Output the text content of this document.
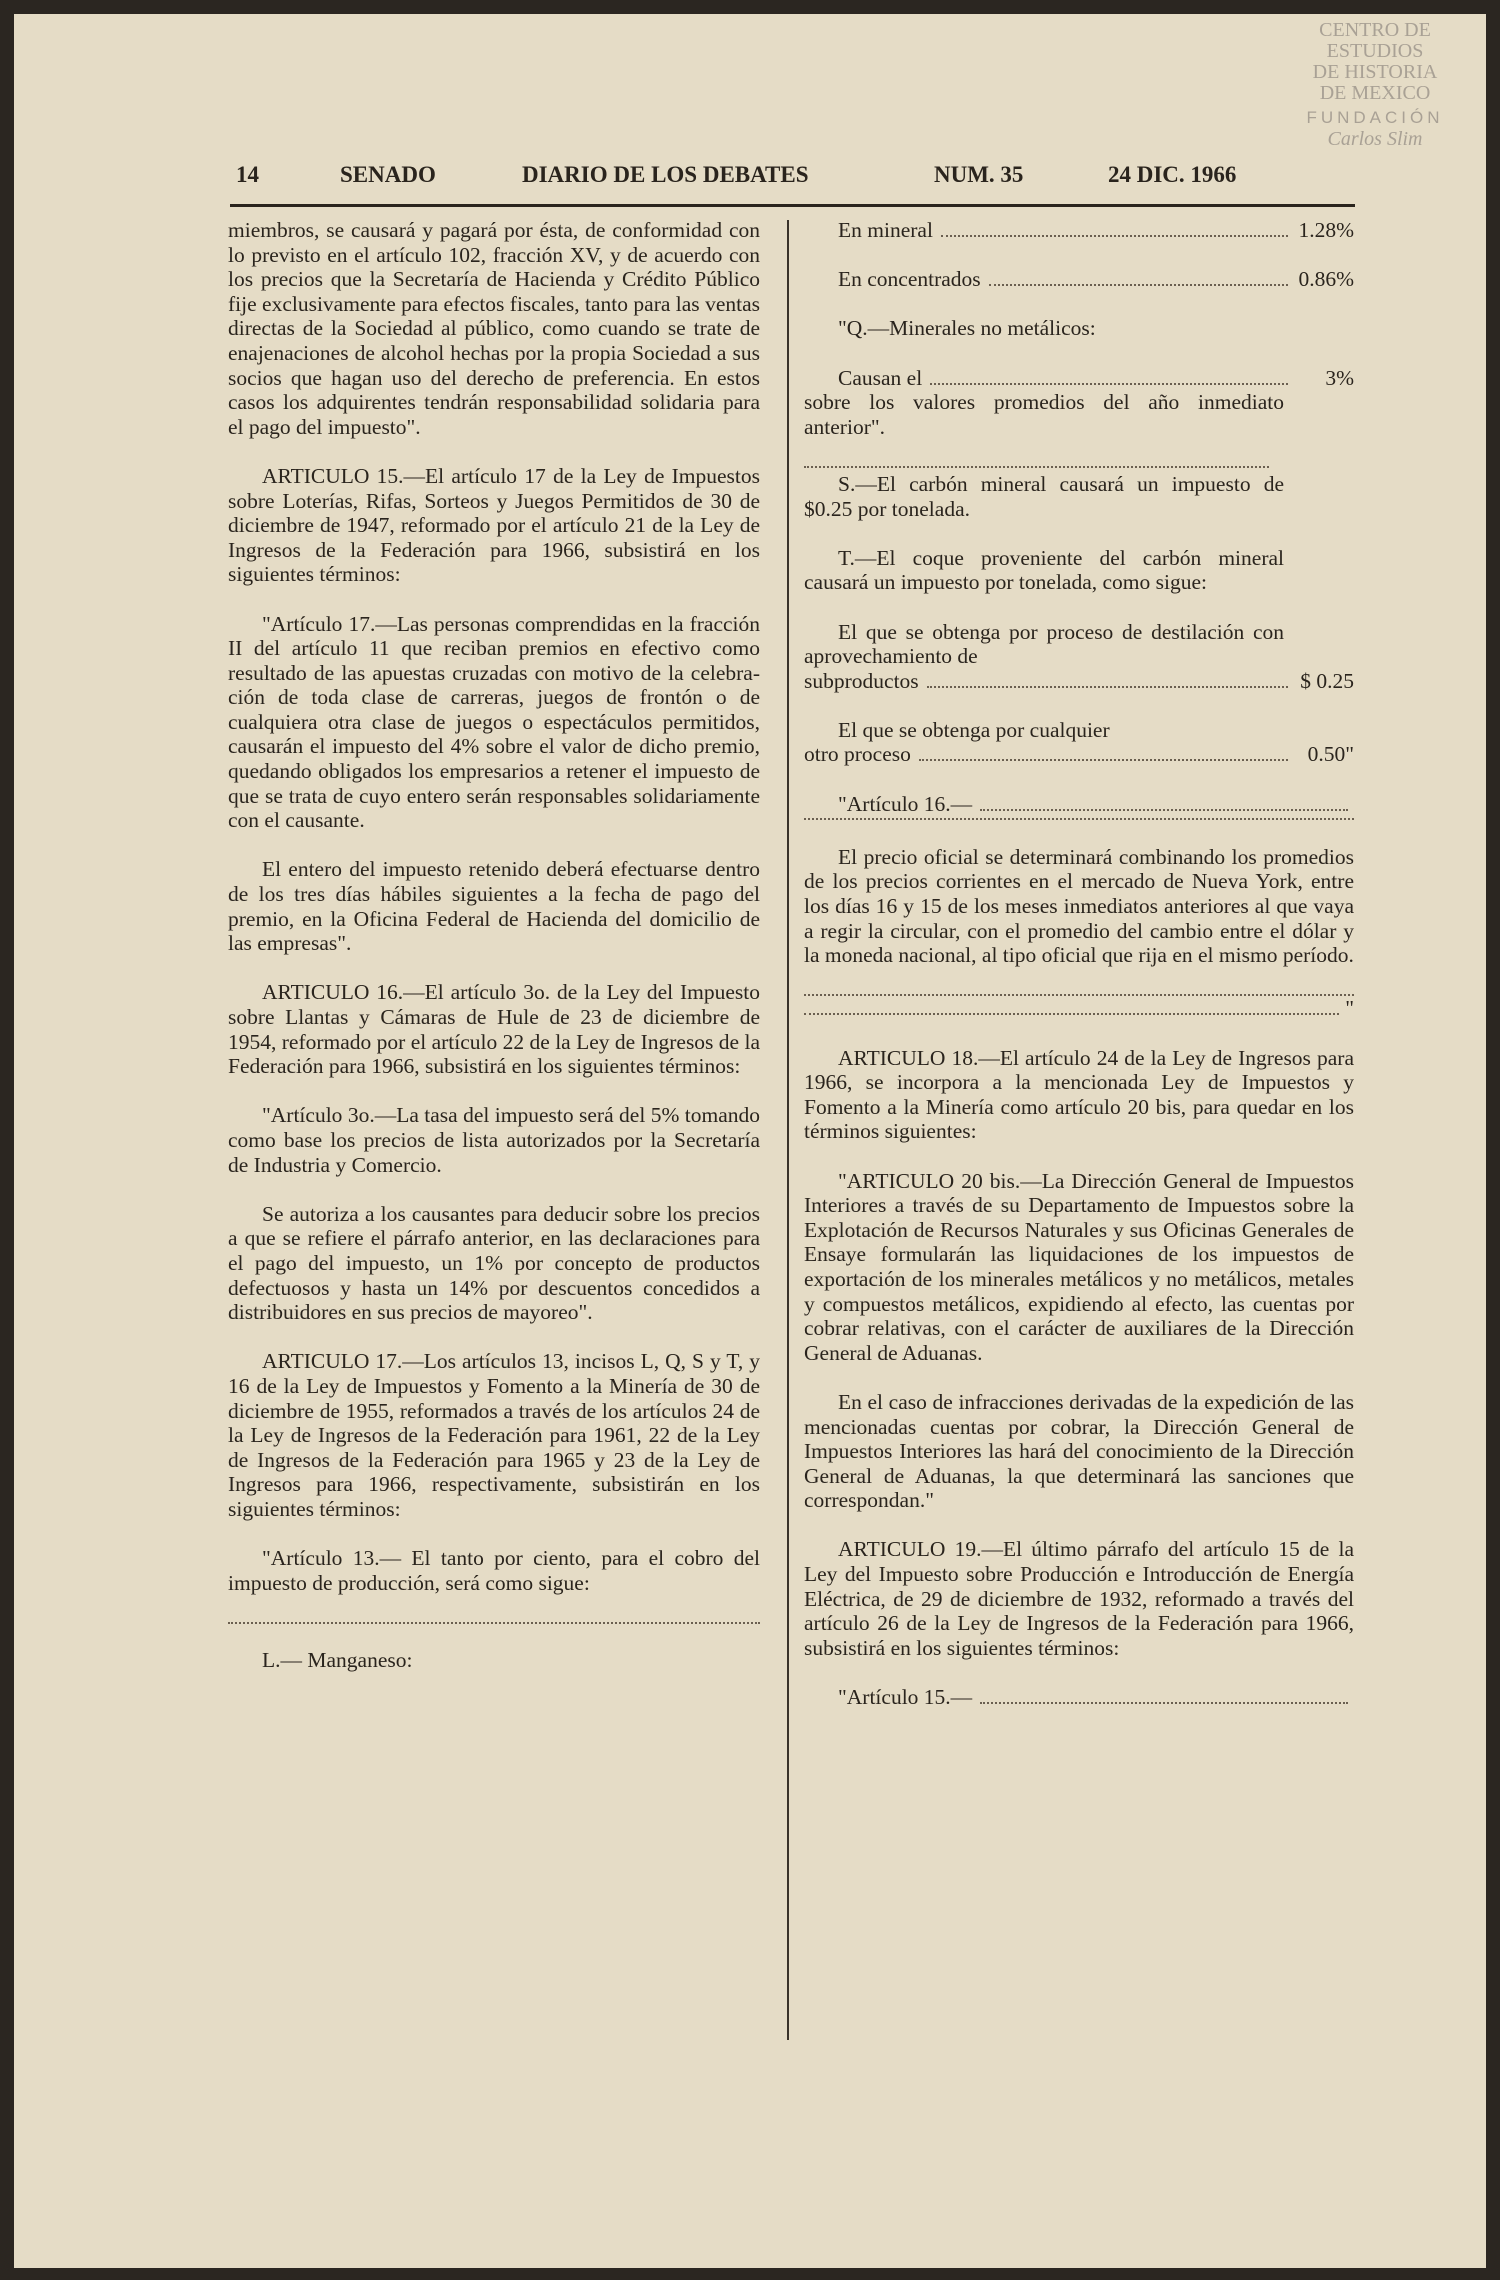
14	SENADO	DIARIO DE LOS DEBATES	NUM. 35	24 DIC. 1966

miembros, se causará y pagará por ésta, de conformidad con lo previsto en el artículo 102, fracción XV, y de acuerdo con los precios que la Secretaría de Hacienda y Crédito Público fije exclusivamente para efectos fiscales, tanto para las ventas directas de la Sociedad al público, como cuando se trate de enajenaciones de alcohol hechas por la propia Sociedad a sus socios que hagan uso del derecho de preferencia. En estos casos los adquirentes tendrán responsabilidad solidaria para el pago del impuesto".

ARTICULO 15.—El artículo 17 de la Ley de Impuestos sobre Loterías, Rifas, Sorteos y Juegos Permitidos de 30 de diciembre de 1947, reformado por el artículo 21 de la Ley de Ingresos de la Federación para 1966, subsistirá en los siguientes términos:

"Artículo 17.—Las personas comprendidas en la fracción II del artículo 11 que reciban premios en efectivo como resultado de las apuestas cruzadas con motivo de la celebración de toda clase de carreras, juegos de frontón o de cualquiera otra clase de juegos o espectáculos permitidos, causarán el impuesto del 4% sobre el valor de dicho premio, quedando obligados los empresarios a retener el impuesto de que se trata de cuyo entero serán responsables solidariamente con el causante.

El entero del impuesto retenido deberá efectuarse dentro de los tres días hábiles siguientes a la fecha de pago del premio, en la Oficina Federal de Hacienda del domicilio de las empresas".

ARTICULO 16.—El artículo 3o. de la Ley del Impuesto sobre Llantas y Cámaras de Hule de 23 de diciembre de 1954, reformado por el artículo 22 de la Ley de Ingresos de la Federación para 1966, subsistirá en los siguientes términos:

"Artículo 3o.—La tasa del impuesto será del 5% tomando como base los precios de lista autorizados por la Secretaría de Industria y Comercio.

Se autoriza a los causantes para deducir sobre los precios a que se refiere el párrafo anterior, en las declaraciones para el pago del impuesto, un 1% por concepto de productos defectuosos y hasta un 14% por descuentos concedidos a distribuidores en sus precios de mayoreo".

ARTICULO 17.—Los artículos 13, incisos L, Q, S y T, y 16 de la Ley de Impuestos y Fomento a la Minería de 30 de diciembre de 1955, reformados a través de los artículos 24 de la Ley de Ingresos de la Federación para 1961, 22 de la Ley de Ingresos de la Federación para 1965 y 23 de la Ley de Ingresos para 1966, respectivamente, subsistirán en los siguientes términos:

"Artículo 13.— El tanto por ciento, para el cobro del impuesto de producción, será como sigue:

L.— Manganeso:

En mineral	1.28%
En concentrados	0.86%

"Q.—Minerales no metálicos:

Causan el	3%

sobre los valores promedios del año inmediato anterior".

S.—El carbón mineral causará un impuesto de $0.25 por tonelada.

T.—El coque proveniente del carbón mineral causará un impuesto por tonelada, como sigue:

El que se obtenga por proceso de destilación con aprovechamiento de

subproductos	$ 0.25

El que se obtenga por cualquier

otro proceso	0.50"
"Artículo 16.—

El precio oficial se determinará combinando los promedios de los precios corrientes en el mercado de Nueva York, entre los días 16 y 15 de los meses inmediatos anteriores al que vaya a regir la circular, con el promedio del cambio entre el dólar y la moneda nacional, al tipo oficial que rija en el mismo período.

"

ARTICULO 18.—El artículo 24 de la Ley de Ingresos para 1966, se incorpora a la mencionada Ley de Impuestos y Fomento a la Minería como artículo 20 bis, para quedar en los términos siguientes:

"ARTICULO 20 bis.—La Dirección General de Impuestos Interiores a través de su Departamento de Impuestos sobre la Explotación de Recursos Naturales y sus Oficinas Generales de Ensaye formularán las liquidaciones de los impuestos de exportación de los minerales metálicos y no metálicos, metales y compuestos metálicos, expidiendo al efecto, las cuentas por cobrar relativas, con el carácter de auxiliares de la Dirección General de Aduanas.

En el caso de infracciones derivadas de la expedición de las mencionadas cuentas por cobrar, la Dirección General de Impuestos Interiores las hará del conocimiento de la Dirección General de Aduanas, la que determinará las sanciones que correspondan."

ARTICULO 19.—El último párrafo del artículo 15 de la Ley del Impuesto sobre Producción e Introducción de Energía Eléctrica, de 29 de diciembre de 1932, reformado a través del artículo 26 de la Ley de Ingresos de la Federación para 1966, subsistirá en los siguientes términos:

"Artículo 15.—
CENTRO DE
ESTUDIOS
DE HISTORIA
DE MEXICO
FUNDACIÓN
Carlos Slim
